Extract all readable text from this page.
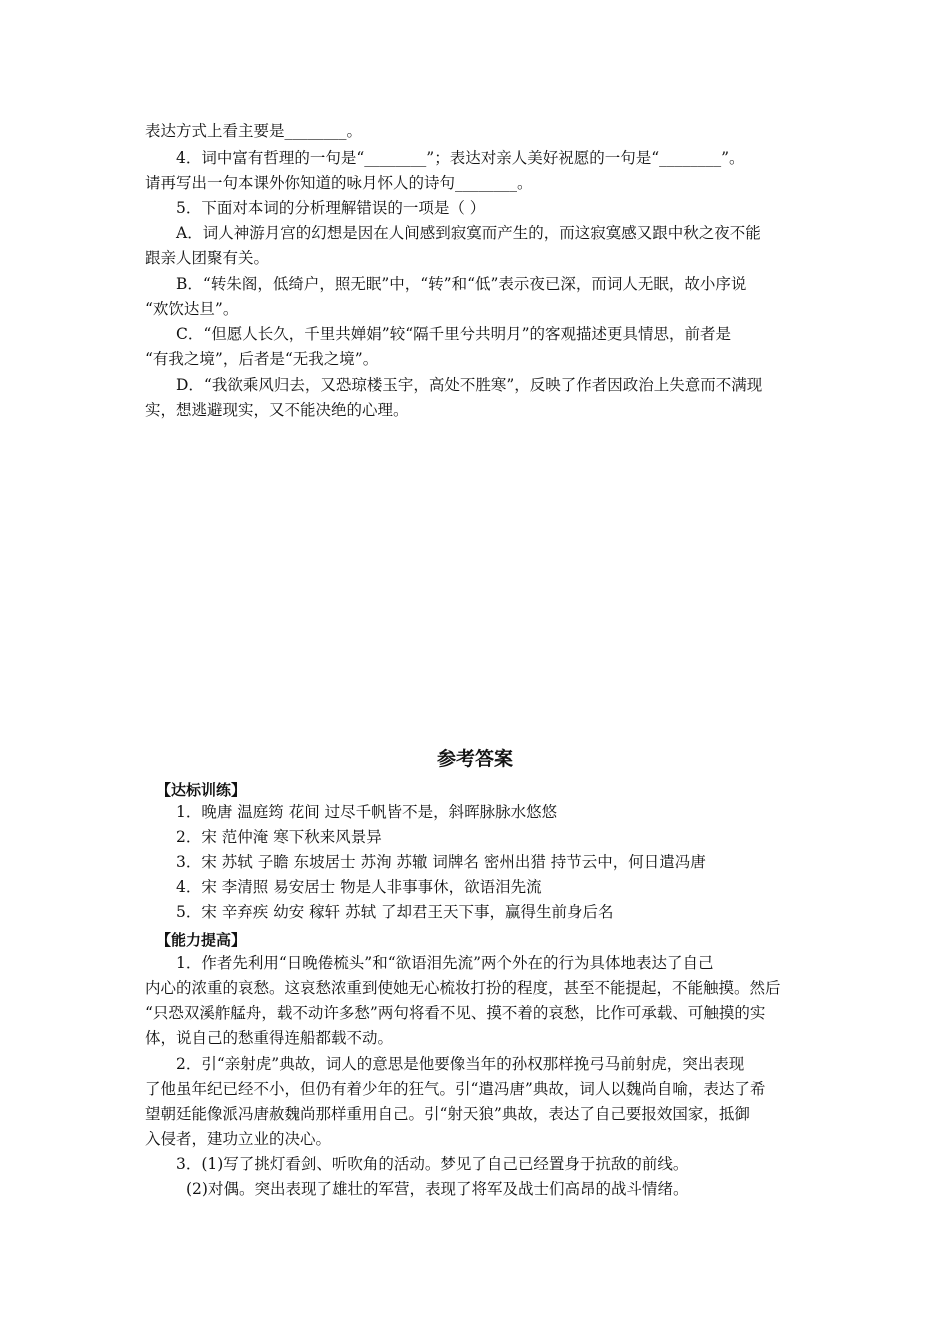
表达方式上看主要是________。
4．词中富有哲理的一句是“________”；表达对亲人美好祝愿的一句是“________”。
请再写出一句本课外你知道的咏月怀人的诗句________。
5．下面对本词的分析理解错误的一项是（ ）
A．词人神游月宫的幻想是因在人间感到寂寞而产生的，而这寂寞感又跟中秋之夜不能
跟亲人团聚有关。
B．“转朱阁，低绮户，照无眠”中，“转”和“低”表示夜已深，而词人无眠，故小序说
“欢饮达旦”。
C．“但愿人长久，千里共婵娟”较“隔千里兮共明月”的客观描述更具情思，前者是
“有我之境”，后者是“无我之境”。
D．“我欲乘风归去，又恐琼楼玉宇，高处不胜寒”，反映了作者因政治上失意而不满现
实，想逃避现实，又不能决绝的心理。
参考答案
【达标训练】
1．晚唐 温庭筠 花间 过尽千帆皆不是，斜晖脉脉水悠悠
2．宋 范仲淹 寒下秋来风景异
3．宋 苏轼 子瞻 东坡居士 苏洵 苏辙 词牌名 密州出猎 持节云中，何日遣冯唐
4．宋 李清照 易安居士 物是人非事事休，欲语泪先流
5．宋 辛弃疾 幼安 稼轩 苏轼 了却君王天下事，赢得生前身后名
【能力提高】
1．作者先利用“日晚倦梳头”和“欲语泪先流”两个外在的行为具体地表达了自己
内心的浓重的哀愁。这哀愁浓重到使她无心梳妆打扮的程度，甚至不能提起，不能触摸。然后
“只恐双溪舴艋舟，载不动许多愁”两句将看不见、摸不着的哀愁，比作可承载、可触摸的实
体，说自己的愁重得连船都载不动。
2．引“亲射虎”典故，词人的意思是他要像当年的孙权那样挽弓马前射虎，突出表现
了他虽年纪已经不小，但仍有着少年的狂气。引“遣冯唐”典故，词人以魏尚自喻，表达了希
望朝廷能像派冯唐赦魏尚那样重用自己。引“射天狼”典故，表达了自己要报效国家，抵御
入侵者，建功立业的决心。
3．(1)写了挑灯看剑、听吹角的活动。梦见了自己已经置身于抗敌的前线。
(2)对偶。突出表现了雄壮的军营，表现了将军及战士们高昂的战斗情绪。
